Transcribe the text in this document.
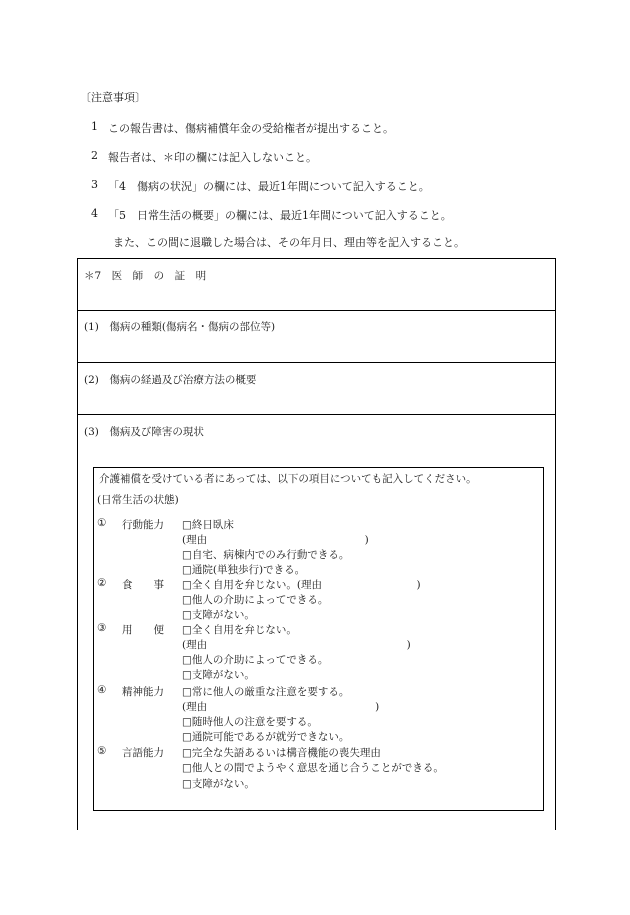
〔注意事項〕
1 この報告書は、傷病補償年金の受給権者が提出すること。
2 報告者は、＊印の欄には記入しないこと。
3 「4　傷病の状況」の欄には、最近1年間について記入すること。
4 「5　日常生活の概要」の欄には、最近1年間について記入すること。
また、この間に退職した場合は、その年月日、理由等を記入すること。
＊7　医　師　の　証　明
(1)　傷病の種類(傷病名・傷病の部位等)
(2)　傷病の経過及び治療方法の概要
(3)　傷病及び障害の現状
介護補償を受けている者にあっては、以下の項目についても記入してください。
(日常生活の状態)
① 行動能力 □終日臥床
(理由　　　　　　　　　　　　　　　)
□自宅、病棟内でのみ行動できる。
□通院(単独歩行)できる。
② 食　　事 □全く自用を弁じない。(理由　　　　　　　　　)
□他人の介助によってできる。
□支障がない。
③ 用　　便 □全く自用を弁じない。
(理由　　　　　　　　　　　　　　　　　　　)
□他人の介助によってできる。
□支障がない。
④ 精神能力 □常に他人の厳重な注意を要する。
(理由　　　　　　　　　　　　　　　　)
□随時他人の注意を要する。
□通院可能であるが就労できない。
⑤ 言語能力 □完全な失語あるいは構音機能の喪失理由
□他人との間でようやく意思を通じ合うことができる。
□支障がない。
